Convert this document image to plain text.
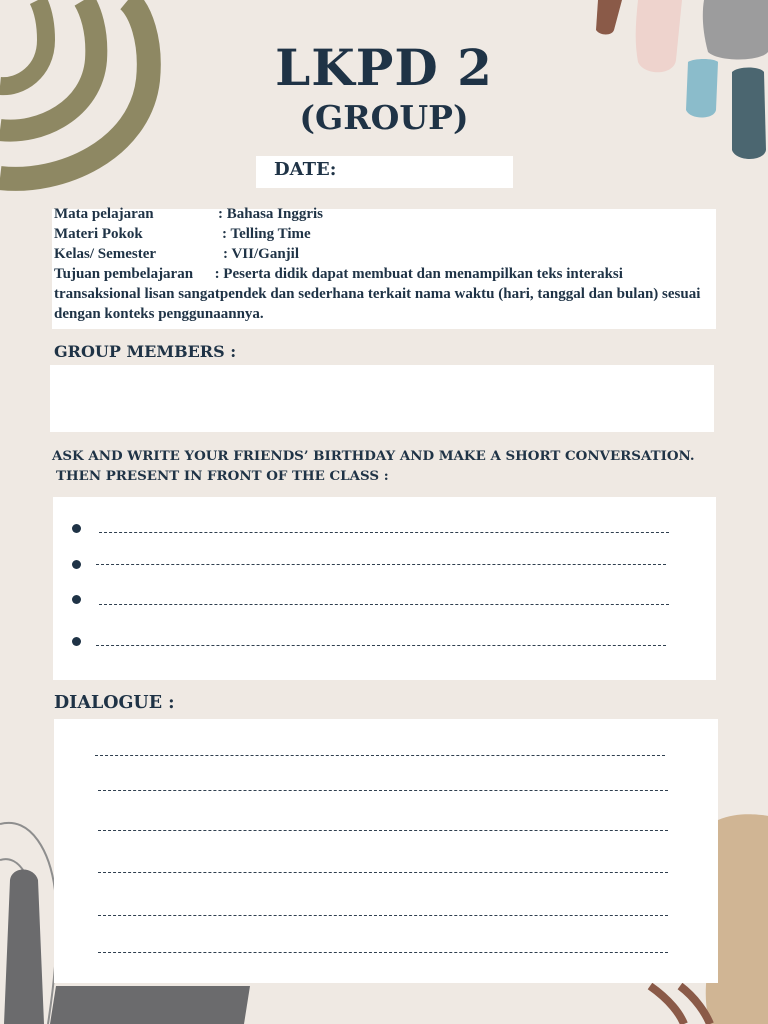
LKPD 2
(GROUP)
DATE:
Mata pelajaran	: Bahasa Inggris
Materi Pokok	: Telling Time
Kelas/ Semester	: VII/Ganjil
Tujuan pembelajaran : Peserta didik dapat membuat dan menampilkan teks interaksi transaksional lisan sangatpendek dan sederhana terkait nama waktu (hari, tanggal dan bulan) sesuai dengan konteks penggunaannya.
GROUP MEMBERS :
ASK AND WRITE YOUR FRIENDS’ BIRTHDAY AND MAKE A SHORT CONVERSATION.
THEN PRESENT IN FRONT OF THE CLASS :
DIALOGUE :
